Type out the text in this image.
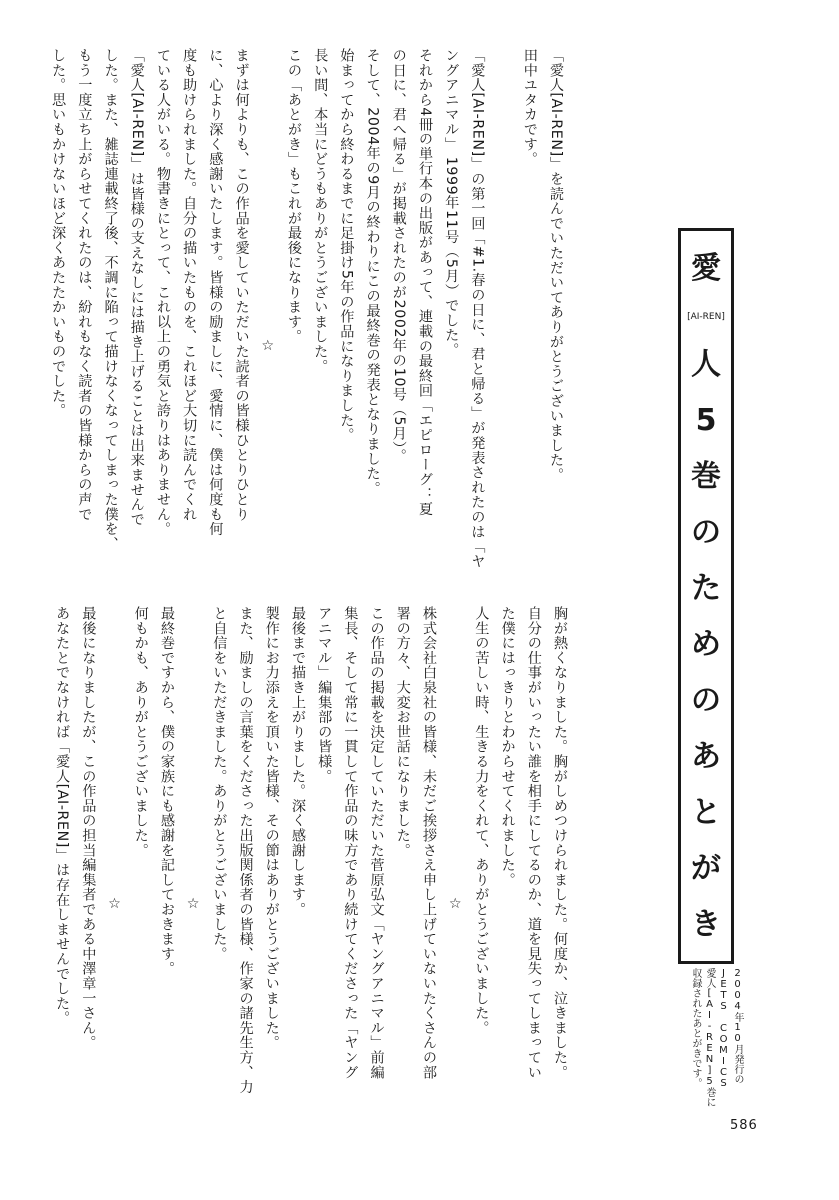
愛
[AI-REN]
人
5
巻
の
た
め
の
あ
と
が
き
2004年10月発行の
JETS COMICS
愛人[AI-REN]5巻に
収録されたあとがきです。

「愛人[AI-REN]」を読んでいただいてありがとうございました。

田中ユタカです。

「愛人[AI-REN]」の第一回「#1.春の日に、君と帰る」が発表されたのは「ヤ

ングアニマル」 1999年11号（5月）でした。

それから4冊の単行本の出版があって、連載の最終回「エピローグ：夏

の日に、君へ帰る」が掲載されたのが2002年の10号（5月）。

そして、2004年の9月の終わりにこの最終巻の発表となりました。

始まってから終わるまでに足掛け5年の作品になりました。

長い間、本当にどうもありがとうございました。

この「あとがき」もこれが最後になります。

☆

まずは何よりも、この作品を愛していただいた読者の皆様ひとりひとり

に、心より深く感謝いたします。皆様の励ましに、愛情に、僕は何度も何

度も助けられました。自分の描いたものを、これほど大切に読んでくれ

ている人がいる。物書きにとって、これ以上の勇気と誇りはありません。

「愛人[AI-REN]」は皆様の支えなしには描き上げることは出来ませんで

した。また、雑誌連載終了後、不調に陥って描けなくなってしまった僕を、

もう一度立ち上がらせてくれたのは、紛れもなく読者の皆様からの声で

した。思いもかけないほど深くあたたかいものでした。

胸が熱くなりました。胸がしめつけられました。何度か、泣きました。

自分の仕事がいったい誰を相手にしてるのか、道を見失ってしまってい

た僕にはっきりとわからせてくれました。

人生の苦しい時、生きる力をくれて、ありがとうございました。

☆

株式会社白泉社の皆様、未だご挨拶さえ申し上げていないたくさんの部

署の方々、大変お世話になりました。

この作品の掲載を決定していただいた菅原弘文「ヤングアニマル」前編

集長、そして常に一貫して作品の味方であり続けてくださった「ヤング

アニマル」編集部の皆様。

最後まで描き上がりました。深く感謝します。

製作にお力添えを頂いた皆様、その節はありがとうございました。

また、励ましの言葉をくださった出版関係者の皆様、作家の諸先生方、力

と自信をいただきました。ありがとうございました。

☆

最終巻ですから、僕の家族にも感謝を記しておきます。

何もかも、ありがとうございました。

☆

最後になりましたが、この作品の担当編集者である中澤章一さん。

あなたとでなければ「愛人[AI-REN]」は存在しませんでした。

586
